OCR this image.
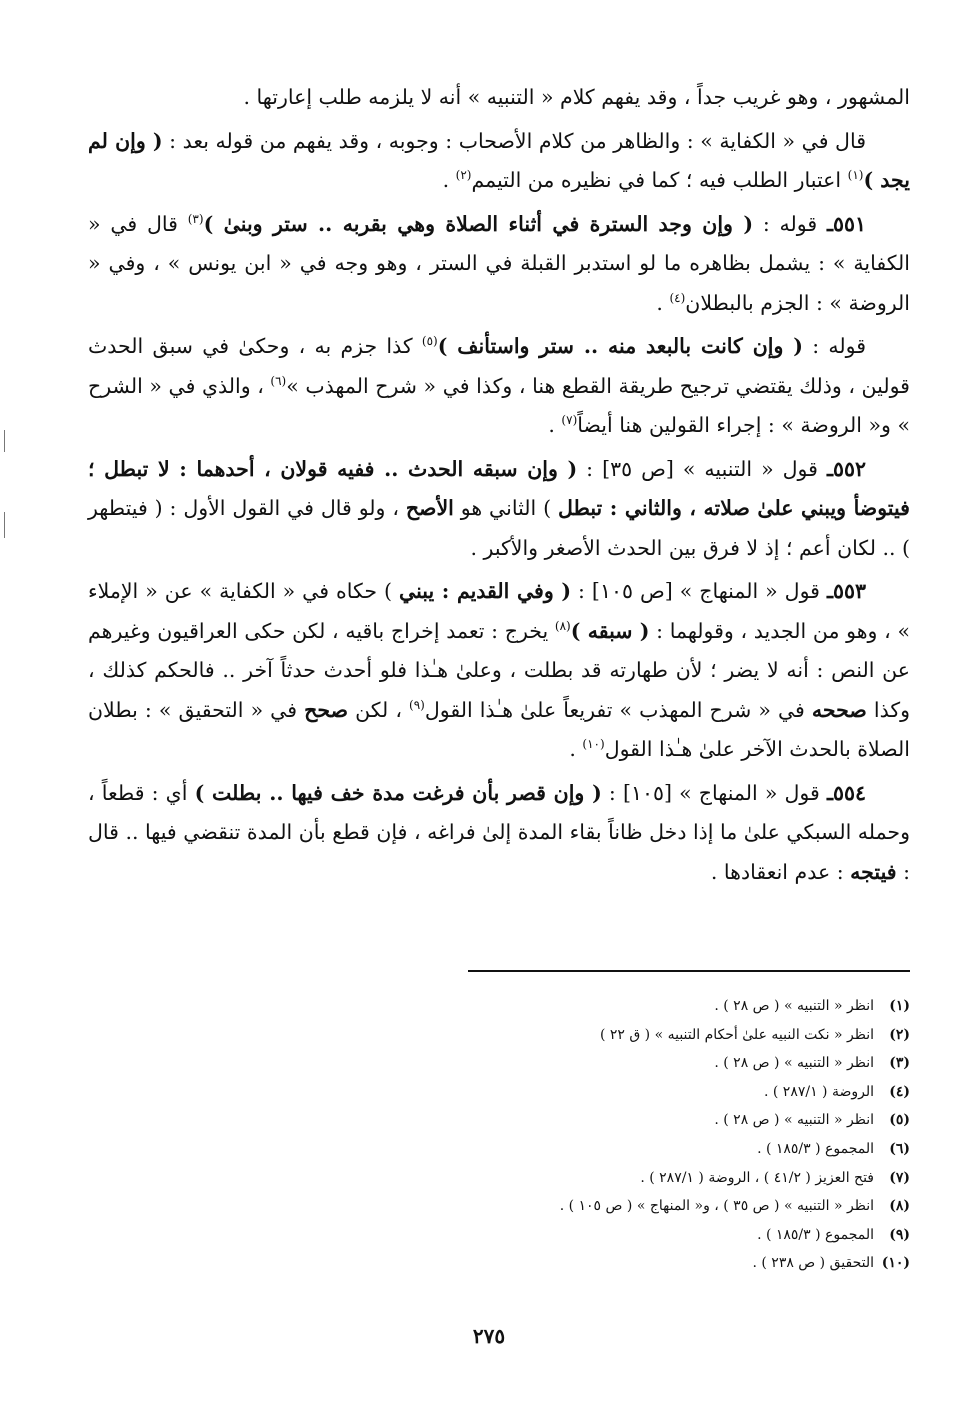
المشهور ، وهو غريب جداً ، وقد يفهم كلام « التنبيه » أنه لا يلزمه طلب إعارتها .

قال في « الكفاية » : والظاهر من كلام الأصحاب : وجوبه ، وقد يفهم من قوله بعد : ( وإن لم يجد )$^{(١)}$ اعتبار الطلب فيه ؛ كما في نظيره من التيمم$^{(٢)}$ .

٥٥١ـ قوله : ( وإن وجد السترة في أثناء الصلاة وهي بقربه .. ستر وبنىٰ )$^{(٣)}$ قال في « الكفاية » : يشمل بظاهره ما لو استدبر القبلة في الستر ، وهو وجه في « ابن يونس » ، وفي « الروضة » : الجزم بالبطلان$^{(٤)}$ .

قوله : ( وإن كانت بالبعد منه .. ستر واستأنف )$^{(٥)}$ كذا جزم به ، وحكىٰ في سبق الحدث قولين ، وذلك يقتضي ترجيح طريقة القطع هنا ، وكذا في « شرح المهذب »$^{(٦)}$ ، والذي في « الشرح » و« الروضة » : إجراء القولين هنا أيضاً$^{(٧)}$ .

٥٥٢ـ قول « التنبيه » [ص ٣٥] : ( وإن سبقه الحدث .. ففيه قولان ، أحدهما : لا تبطل ؛ فيتوضأ ويبني علىٰ صلاته ، والثاني : تبطل ) الثاني هو الأصح ، ولو قال في القول الأول : ( فيتطهر ) .. لكان أعم ؛ إذ لا فرق بين الحدث الأصغر والأكبر .

٥٥٣ـ قول « المنهاج » [ص ١٠٥] : ( وفي القديم : يبني ) حكاه في « الكفاية » عن « الإملاء » ، وهو من الجديد ، وقولهما : ( سبقه )$^{(٨)}$ يخرج : تعمد إخراج باقيه ، لكن حكى العراقيون وغيرهم عن النص : أنه لا يضر ؛ لأن طهارته قد بطلت ، وعلىٰ هـٰذا فلو أحدث حدثاً آخر .. فالحكم كذلك ، وكذا صححه في « شرح المهذب » تفريعاً علىٰ هـٰذا القول$^{(٩)}$ ، لكن صحح في « التحقيق » : بطلان الصلاة بالحدث الآخر علىٰ هـٰذا القول$^{(١٠)}$ .

٥٥٤ـ قول « المنهاج » [١٠٥] : ( وإن قصر بأن فرغت مدة خف فيها .. بطلت ) أي : قطعاً ، وحمله السبكي علىٰ ما إذا دخل ظاناً بقاء المدة إلىٰ فراغه ، فإن قطع بأن المدة تنقضي فيها .. قال : فيتجه : عدم انعقادها .

(١)
انظر « التنبيه » ( ص ٢٨ ) .
(٢)
انظر « نكت النبيه علىٰ أحكام التنبيه » ( ق ٢٢ )
(٣)
انظر « التنبيه » ( ص ٢٨ ) .
(٤)
الروضة ( ٢٨٧/١ ) .
(٥)
انظر « التنبيه » ( ص ٢٨ ) .
(٦)
المجموع ( ١٨٥/٣ ) .
(٧)
فتح العزيز ( ٤١/٢ ) ، الروضة ( ٢٨٧/١ ) .
(٨)
انظر « التنبيه » ( ص ٣٥ ) ، و« المنهاج » ( ص ١٠٥ ) .
(٩)
المجموع ( ١٨٥/٣ ) .
(١٠)
التحقيق ( ص ٢٣٨ ) .
٢٧٥
